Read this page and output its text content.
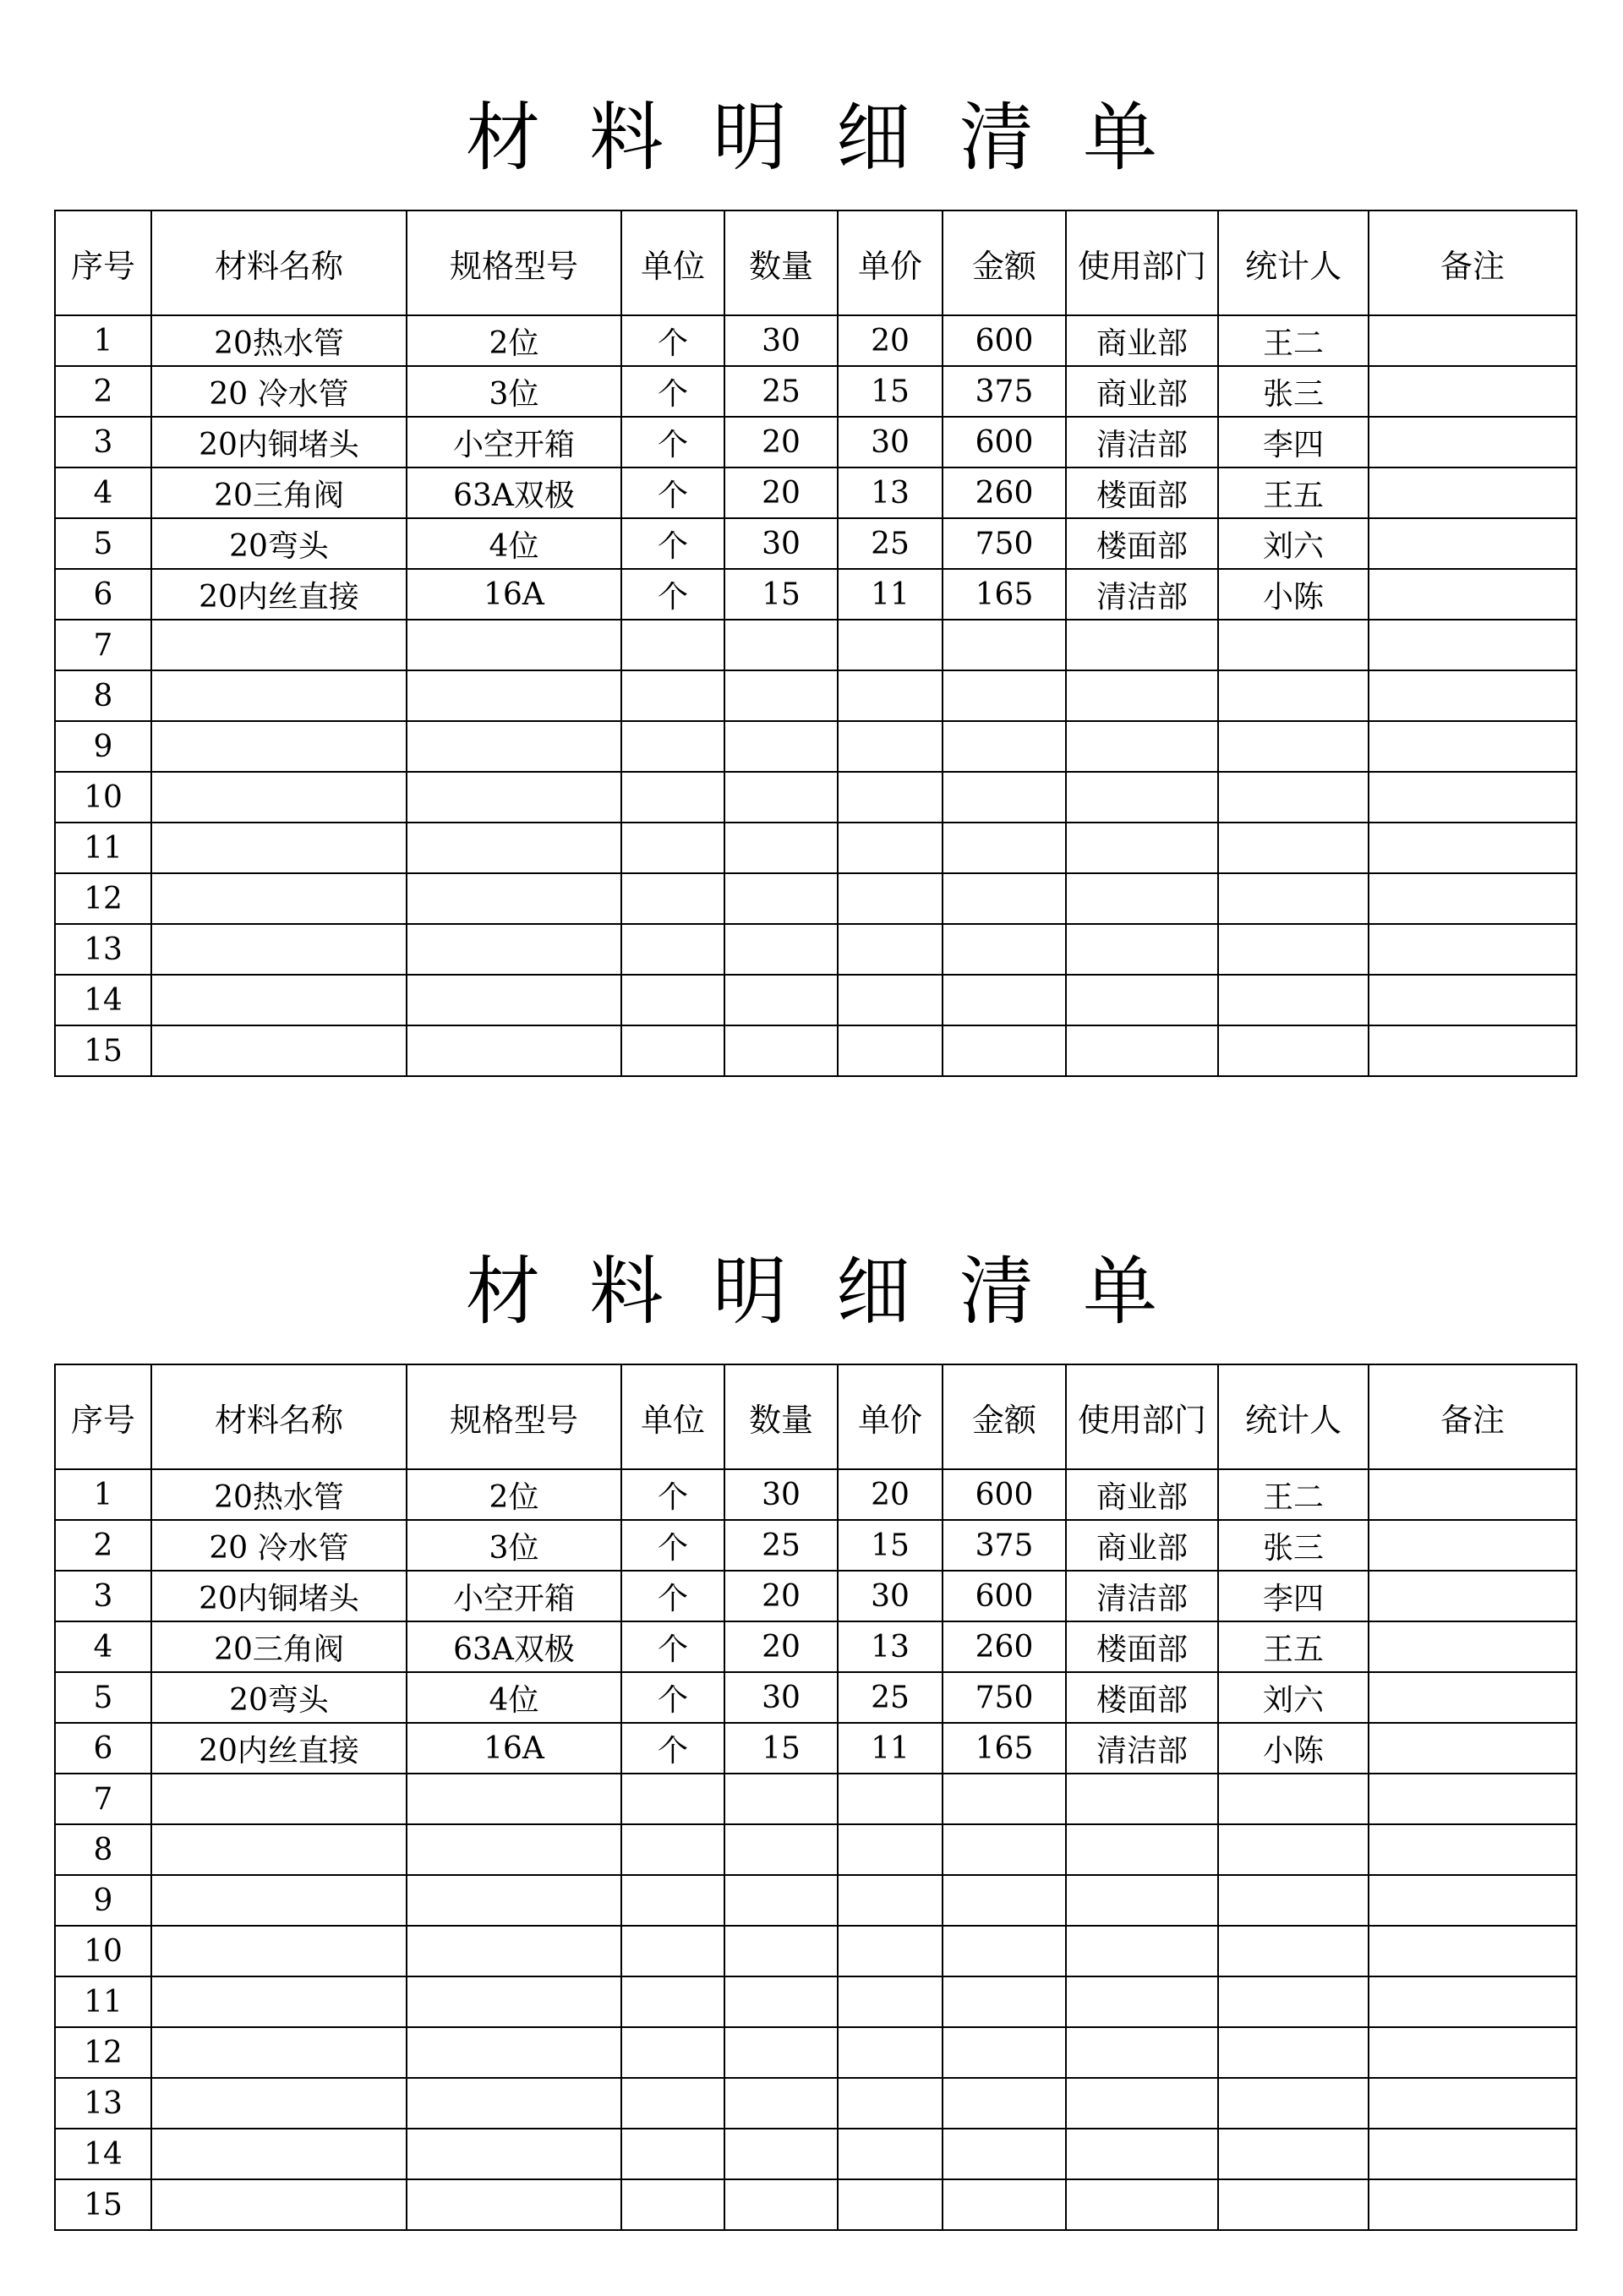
材料明细清单
序号	材料名称	规格型号	单位	数量	单价	金额	使用部门	统计人	备注
1	20热水管	2位	个	30	20	600	商业部	王二	
2	20 冷水管	3位	个	25	15	375	商业部	张三	
3	20内铜堵头	小空开箱	个	20	30	600	清洁部	李四	
4	20三角阀	63A双极	个	20	13	260	楼面部	王五	
5	20弯头	4位	个	30	25	750	楼面部	刘六	
6	20内丝直接	16A	个	15	11	165	清洁部	小陈	
7									
8									
9									
10									
11									
12									
13									
14									
15									
材料明细清单
序号	材料名称	规格型号	单位	数量	单价	金额	使用部门	统计人	备注
1	20热水管	2位	个	30	20	600	商业部	王二	
2	20 冷水管	3位	个	25	15	375	商业部	张三	
3	20内铜堵头	小空开箱	个	20	30	600	清洁部	李四	
4	20三角阀	63A双极	个	20	13	260	楼面部	王五	
5	20弯头	4位	个	30	25	750	楼面部	刘六	
6	20内丝直接	16A	个	15	11	165	清洁部	小陈	
7									
8									
9									
10									
11									
12									
13									
14									
15									
